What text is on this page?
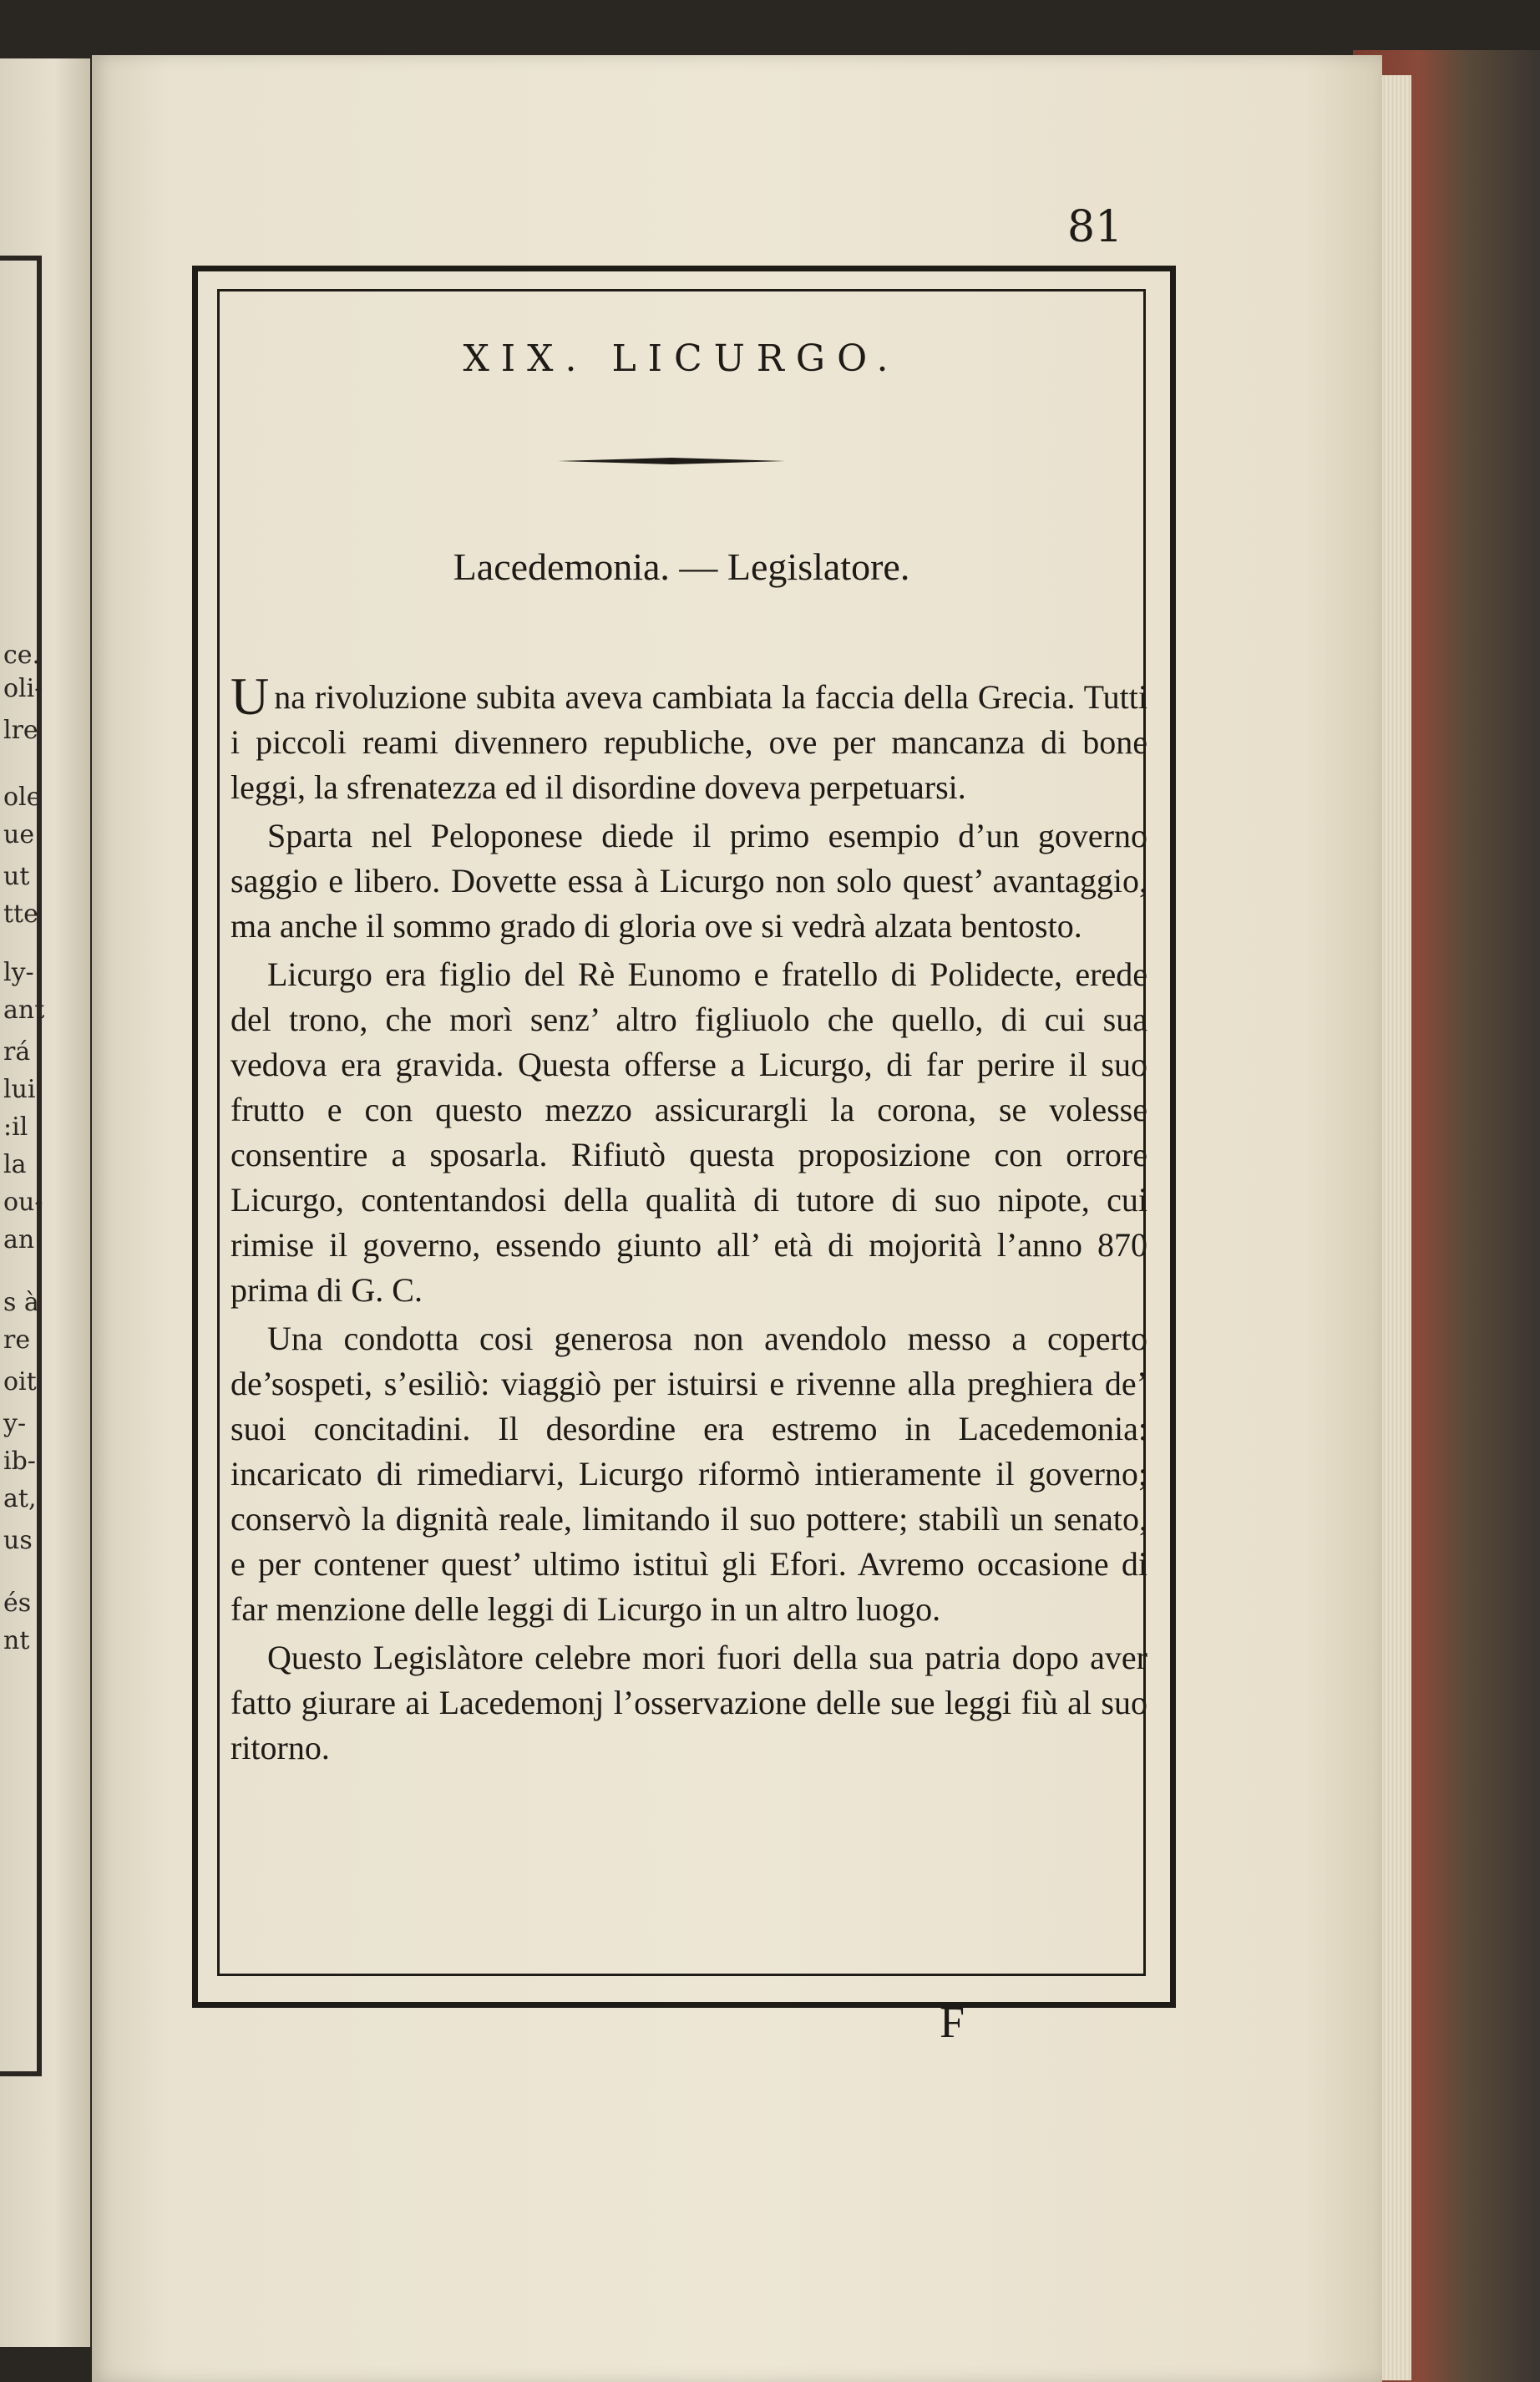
ce.
oli-
lre
ole
ue
ut
tte
ly-
ant
rá
lui
:il
la
ou-
an
s à
re
oit
y-
ib-
at,
us
és
nt
81
XIX. LICURGO.
Lacedemonia. — Legislatore.

Una rivoluzione subita aveva cambiata la faccia della Grecia. Tutti i piccoli reami divennero republiche, ove per mancanza di bone leggi, la sfrenatezza ed il disordine doveva perpetuarsi.

Sparta nel Peloponese diede il primo esempio d’un governo saggio e libero. Dovette essa à Licurgo non solo quest’ avantaggio, ma anche il sommo grado di gloria ove si vedrà alzata bentosto.

Licurgo era figlio del Rè Eunomo e fratello di Polidecte, erede del trono, che morì senz’ altro figliuolo che quello, di cui sua vedova era gravida. Questa offerse a Licurgo, di far perire il suo frutto e con questo mezzo assicurargli la corona, se volesse consentire a sposarla. Rifiutò questa proposizione con orrore Licurgo, contentandosi della qualità di tutore di suo nipote, cui rimise il governo, essendo giunto all’ età di mojorità l’anno 870 prima di G. C.

Una condotta cosi generosa non avendolo messo a coperto de’sospeti, s’esiliò: viaggiò per istuirsi e rivenne alla preghiera de’ suoi concitadini. Il desordine era estremo in Lacedemonia: incaricato di rimediarvi, Licurgo riformò intieramente il governo; conservò la dignità reale, limitando il suo pottere; stabilì un senato, e per contener quest’ ultimo istituì gli Efori. Avremo occasione di far menzione delle leggi di Licurgo in un altro luogo.

Questo Legislàtore celebre mori fuori della sua patria dopo aver fatto giurare ai Lacedemonj l’osservazione delle sue leggi fiù al suo ritorno.

F
